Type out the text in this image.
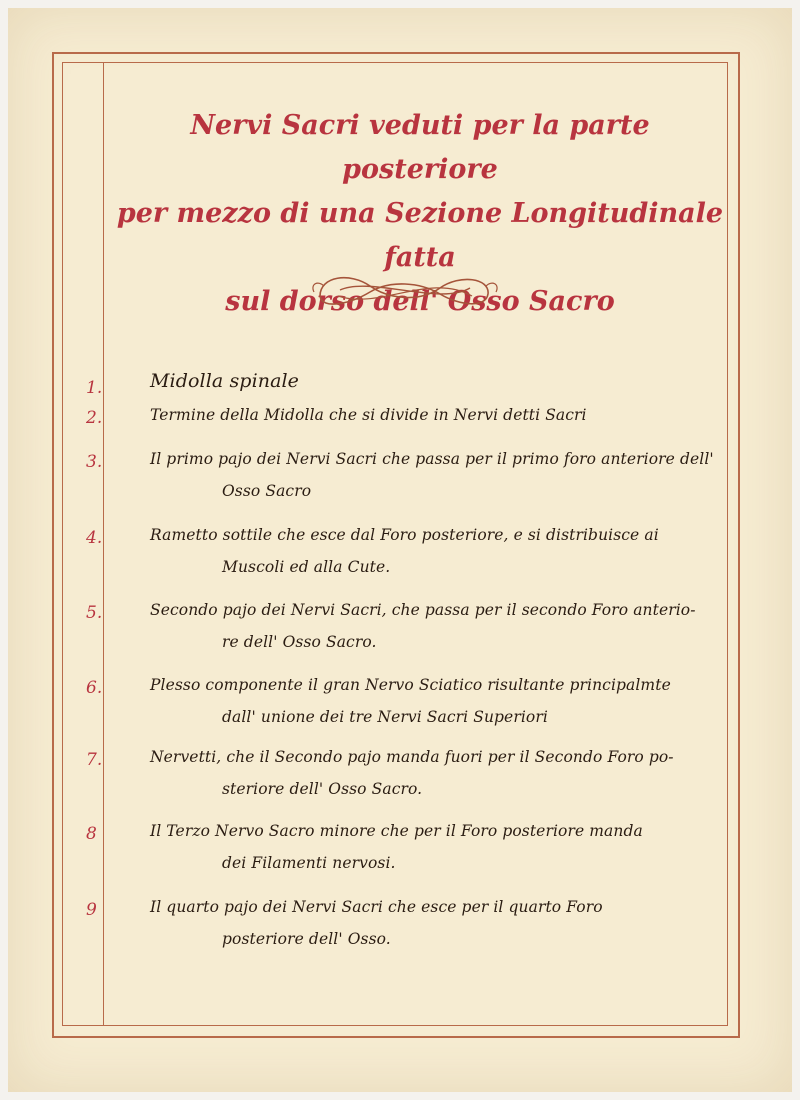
Nervi Sacri veduti per la parte posteriore
per mezzo di una Sezione Longitudinale fatta
sul dorso dell' Osso Sacro
1.	Midolla spinale
2.	Termine della Midolla che si divide in Nervi detti Sacri
3.	Il primo pajo dei Nervi Sacri che passa per il primo foro anteriore dell'
Osso Sacro
4.	Rametto sottile che esce dal Foro posteriore, e si distribuisce ai
Muscoli ed alla Cute.
5.	Secondo pajo dei Nervi Sacri, che passa per il secondo Foro anterio-
re dell' Osso Sacro.
6.	Plesso componente il gran Nervo Sciatico risultante principalmte
dall' unione dei tre Nervi Sacri Superiori
7.	Nervetti, che il Secondo pajo manda fuori per il Secondo Foro po-
steriore dell' Osso Sacro.
8	Il Terzo Nervo Sacro minore che per il Foro posteriore manda
dei Filamenti nervosi.
9	Il quarto pajo dei Nervi Sacri che esce per il quarto Foro
posteriore dell' Osso.
